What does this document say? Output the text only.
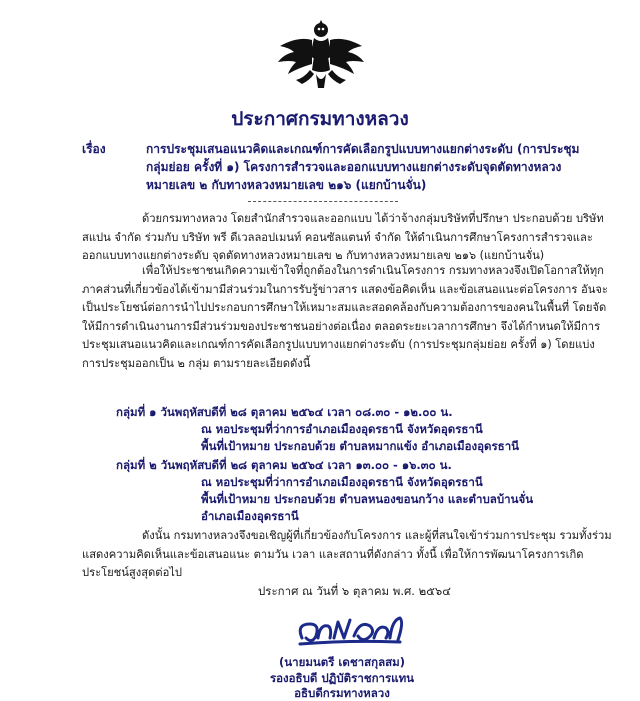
ประกาศกรมทางหลวง
เรื่อง	การประชุมเสนอแนวคิดและเกณฑ์การคัดเลือกรูปแบบทางแยกต่างระดับ (การประชุมกลุ่มย่อย ครั้งที่ ๑) โครงการสำรวจและออกแบบทางแยกต่างระดับจุดตัดทางหลวงหมายเลข ๒ กับทางหลวงหมายเลข ๒๑๖ (แยกบ้านจั่น)
ด้วยกรมทางหลวง โดยสำนักสำรวจและออกแบบ ได้ว่าจ้างกลุ่มบริษัทที่ปรึกษา ประกอบด้วย บริษัท สแปน จำกัด ร่วมกับ บริษัท พรี ดีเวลลอปเมนท์ คอนซัลแตนท์ จำกัด ให้ดำเนินการศึกษาโครงการสำรวจและออกแบบทางแยกต่างระดับ จุดตัดทางหลวงหมายเลข ๒ กับทางหลวงหมายเลข ๒๑๖ (แยกบ้านจั่น)
เพื่อให้ประชาชนเกิดความเข้าใจที่ถูกต้องในการดำเนินโครงการ กรมทางหลวงจึงเปิดโอกาสให้ทุกภาคส่วนที่เกี่ยวข้องได้เข้ามามีส่วนร่วมในการรับรู้ข่าวสาร แสดงข้อคิดเห็น และข้อเสนอแนะต่อโครงการ อันจะเป็นประโยชน์ต่อการนำไปประกอบการศึกษาให้เหมาะสมและสอดคล้องกับความต้องการของคนในพื้นที่ โดยจัดให้มีการดำเนินงานการมีส่วนร่วมของประชาชนอย่างต่อเนื่อง ตลอดระยะเวลาการศึกษา จึงได้กำหนดให้มีการประชุมเสนอแนวคิดและเกณฑ์การคัดเลือกรูปแบบทางแยกต่างระดับ (การประชุมกลุ่มย่อย ครั้งที่ ๑) โดยแบ่งการประชุมออกเป็น ๒ กลุ่ม ตามรายละเอียดดังนี้
กลุ่มที่ ๑ วันพฤหัสบดีที่ ๒๘ ตุลาคม ๒๕๖๔ เวลา ๐๘.๓๐ - ๑๒.๐๐ น.
ณ หอประชุมที่ว่าการอำเภอเมืองอุดรธานี จังหวัดอุดรธานี
พื้นที่เป้าหมาย ประกอบด้วย ตำบลหมากแข้ง อำเภอเมืองอุดรธานี
กลุ่มที่ ๒ วันพฤหัสบดีที่ ๒๘ ตุลาคม ๒๕๖๔ เวลา ๑๓.๐๐ - ๑๖.๓๐ น.
ณ หอประชุมที่ว่าการอำเภอเมืองอุดรธานี จังหวัดอุดรธานี
พื้นที่เป้าหมาย ประกอบด้วย ตำบลหนองขอนกว้าง และตำบลบ้านจั่น
อำเภอเมืองอุดรธานี
ดังนั้น กรมทางหลวงจึงขอเชิญผู้ที่เกี่ยวข้องกับโครงการ และผู้ที่สนใจเข้าร่วมการประชุม รวมทั้งร่วมแสดงความคิดเห็นและข้อเสนอแนะ ตามวัน เวลา และสถานที่ดังกล่าว ทั้งนี้ เพื่อให้การพัฒนาโครงการเกิดประโยชน์สูงสุดต่อไป
ประกาศ ณ วันที่ ๖ ตุลาคม พ.ศ. ๒๕๖๔
(นายมนตรี เดชาสกุลสม)
รองอธิบดี ปฏิบัติราชการแทน
อธิบดีกรมทางหลวง
